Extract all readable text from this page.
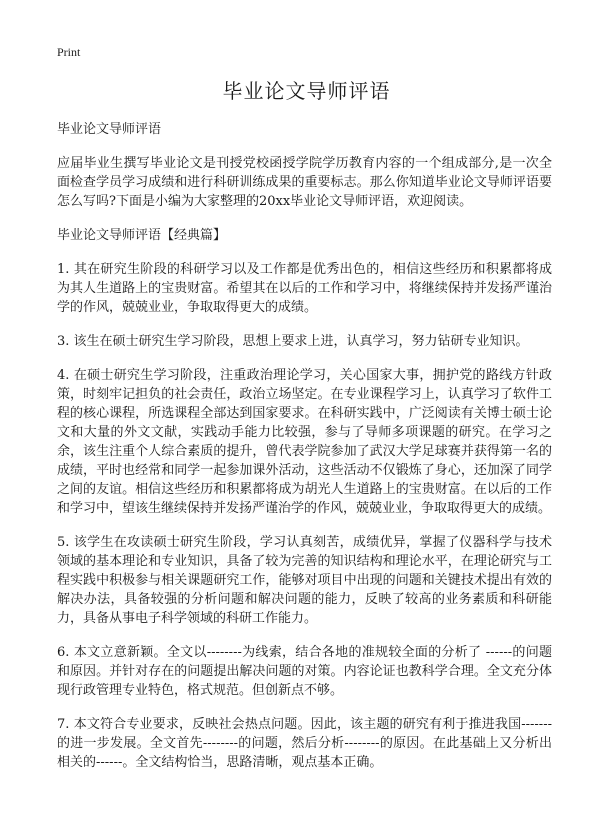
Print
毕业论文导师评语

毕业论文导师评语

应届毕业生撰写毕业论文是刊授党校函授学院学历教育内容的一个组成部分,是一次全面检查学员学习成绩和进行科研训练成果的重要标志。那么你知道毕业论文导师评语要怎么写吗?下面是小编为大家整理的20xx毕业论文导师评语，欢迎阅读。

毕业论文导师评语【经典篇】

1. 其在研究生阶段的科研学习以及工作都是优秀出色的，相信这些经历和积累都将成为其人生道路上的宝贵财富。希望其在以后的工作和学习中，将继续保持并发扬严谨治学的作风，兢兢业业，争取取得更大的成绩。

3. 该生在硕士研究生学习阶段，思想上要求上进，认真学习，努力钻研专业知识。

4. 在硕士研究生学习阶段，注重政治理论学习，关心国家大事，拥护党的路线方针政策，时刻牢记担负的社会责任，政治立场坚定。在专业课程学习上，认真学习了软件工程的核心课程，所选课程全部达到国家要求。在科研实践中，广泛阅读有关博士硕士论文和大量的外文文献，实践动手能力比较强，参与了导师多项课题的研究。在学习之余，该生注重个人综合素质的提升，曾代表学院参加了武汉大学足球赛并获得第一名的成绩，平时也经常和同学一起参加课外活动，这些活动不仅锻炼了身心，还加深了同学之间的友谊。相信这些经历和积累都将成为胡光人生道路上的宝贵财富。在以后的工作和学习中，望该生继续保持并发扬严谨治学的作风，兢兢业业，争取取得更大的成绩。

5. 该学生在攻读硕士研究生阶段，学习认真刻苦，成绩优异，掌握了仪器科学与技术领域的基本理论和专业知识，具备了较为完善的知识结构和理论水平，在理论研究与工程实践中积极参与相关课题研究工作，能够对项目中出现的问题和关键技术提出有效的解决办法，具备较强的分析问题和解决问题的能力，反映了较高的业务素质和科研能力，具备从事电子科学领域的科研工作能力。

6. 本文立意新颖。全文以--------为线索，结合各地的准规较全面的分析了 ------的问题和原因。并针对存在的问题提出解决问题的对策。内容论证也教科学合理。全文充分体现行政管理专业特色，格式规范。但创新点不够。

7. 本文符合专业要求，反映社会热点问题。因此，该主题的研究有利于推进我国-------的进一步发展。全文首先--------的问题，然后分析--------的原因。在此基础上又分析出相关的------。全文结构恰当，思路清晰，观点基本正确。
